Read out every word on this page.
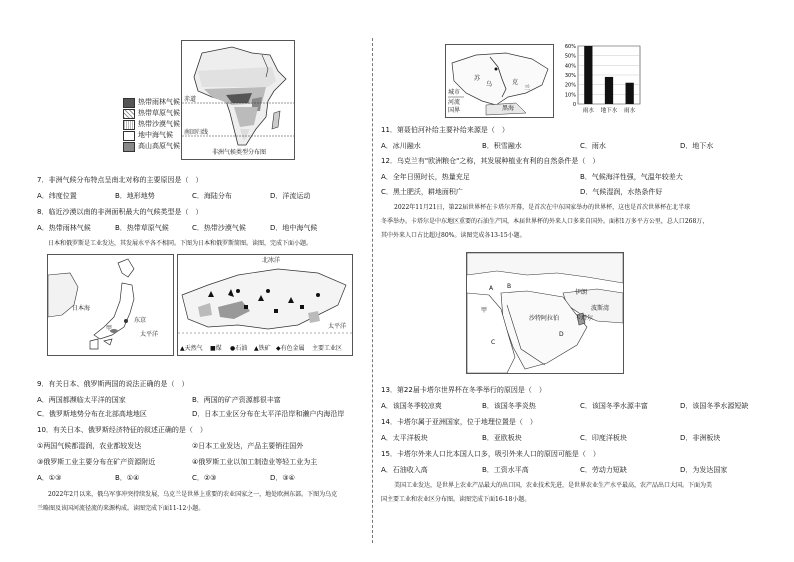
赤道
南回归线
非洲气候类型分布图
热带雨林气候
热带草原气候
热带沙漠气候
地中海气候
高山高原气候
7．非洲气候分布特点呈南北对称的主要原因是（　）
A．纬度位置	B．地形地势	C．海陆分布	D．洋流运动
8．临近沙漠以南的非洲面积最大的气候类型是（　）
A．热带雨林气候	B．热带草原气候	C．热带沙漠气候	D．地中海气候
日本和俄罗斯是工业发达，其发展水平各不相同。下图为日本和俄罗斯简图。读图，完成下面小题。
日本海
太平洋
东京
甲
北冰洋
太平洋
▲天然气 ■煤 ●石油 ▲铁矿 ◆有色金属 主要工业区
9．有关日本、俄罗斯两国的说法正确的是（　）
A．两国都濒临太平洋的国家	B．两国的矿产资源都很丰富
C．俄罗斯地势分布在北部高地地区	D．日本工业区分布在太平洋沿岸和濑户内海沿岸
10．有关日本、俄罗斯经济特征的叙述正确的是（　）
①两国气候都湿润，农业都较发达	②日本工业发达，产品主要销往国外
③俄罗斯工业主要分布在矿产资源附近	④俄罗斯工业以加工制造业等轻工业为主
A．①③	B．①④	C．②③	D．③④
2022年2月以来，俄乌军事冲突持续发展，乌克兰是世界上重要的农业国家之一，地处欧洲东部。下图为乌克
兰略图及该国河流径流的来源构成。读图完成下面11-12小题。
苏
乌	克
兰
黑海
城市
河流
国界
60%
50%
40%
30%
20%
10%
0
雨水 地下水 雨水
11．第聂伯河补给主要补给来源是（　）
A．冰川融水	B．积雪融水	C．雨水	D．地下水
12．乌克兰有"欧洲粮仓"之称，其发展种植业有利的自然条件是（　）
A．全年日照时长，热量充足	B．气候海洋性强，气温年较差大
C．黑土肥沃，耕地面积广	D．气候湿润，水热条件好
2022年11月21日，第22届世界杯在卡塔尔开幕，是首次在中东国家举办的世界杯，这也是首次世界杯在北半球
冬季举办。卡塔尔是中东地区重要的石油生产国，本届世界杯的外来人口多来自国外。面积1万多平方公里，总人口268万，
其中外来人口占比超过80%。读图完成各13-15小题。
A B
C
D
甲
伊朗
沙特阿拉伯	卡塔尔
波斯湾
13．第22届卡塔尔世界杯在冬季举行的原因是（　）
A．该国冬季较凉爽	B．该国冬季炎热	C．该国冬季水源丰富	D．该国冬季水源短缺
14．卡塔尔属于亚洲国家，位于地理位置是（　）
A．太平洋板块	B．亚欧板块	C．印度洋板块	D．非洲板块
15．卡塔尔外来人口比本国人口多，吸引外来人口的原因可能是（　）
A．石油收入高	B．工资水平高	C．劳动力短缺	D．为发达国家
美国工业发达，是世界上农业产品最大的出口国，农业技术先进，是世界农业生产水平最高，农产品出口大国。下面为美
国主要工业和农业区分布图。读图完成下面16-18小题。
